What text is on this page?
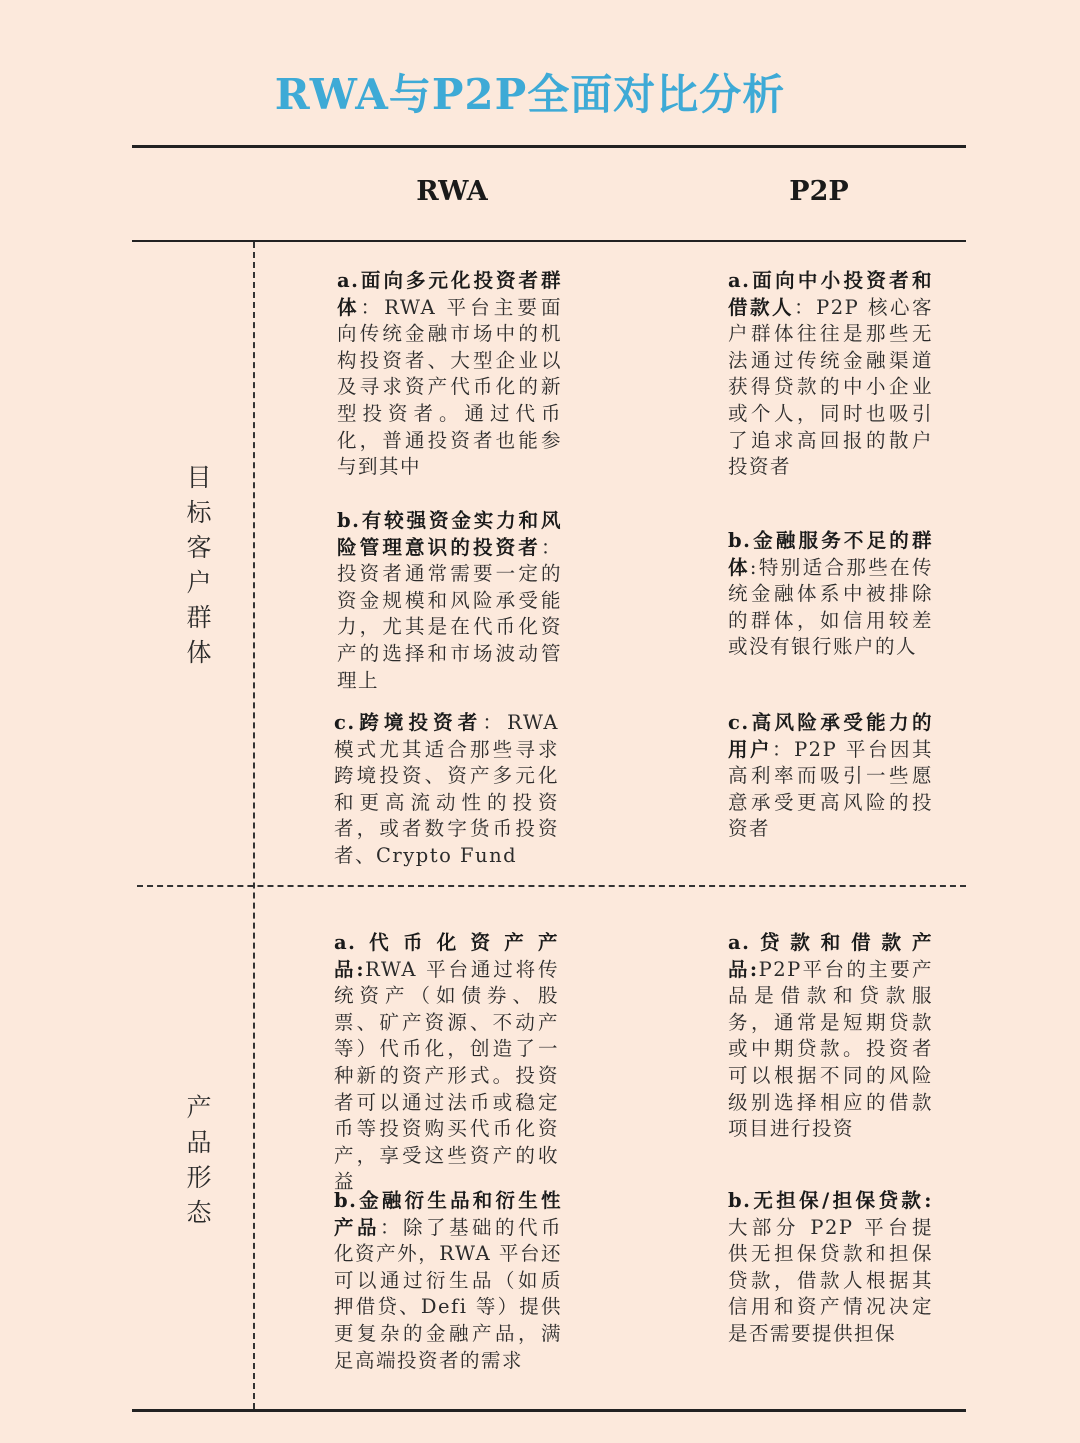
RWA与P2P全面对比分析
RWA	P2P
目
标
客
户
群
体
产
品
形
态
a.面向多元化投资者群体：RWA 平台主要面向传统金融市场中的机构投资者、大型企业以及寻求资产代币化的新型投资者。通过代币化，普通投资者也能参与到其中
b.有较强资金实力和风险管理意识的投资者：投资者通常需要一定的资金规模和风险承受能力，尤其是在代币化资产的选择和市场波动管理上
c.跨境投资者：RWA 模式尤其适合那些寻求跨境投资、资产多元化和更高流动性的投资者，或者数字货币投资者、Crypto Fund
a.面向中小投资者和借款人：P2P 核心客户群体往往是那些无法通过传统金融渠道获得贷款的中小企业或个人，同时也吸引了追求高回报的散户投资者
b.金融服务不足的群体:特别适合那些在传统金融体系中被排除的群体，如信用较差或没有银行账户的人
c.高风险承受能力的用户：P2P 平台因其高利率而吸引一些愿意承受更高风险的投资者
a.代币化资产产品:RWA 平台通过将传统资产（如债券、股票、矿产资源、不动产等）代币化，创造了一种新的资产形式。投资者可以通过法币或稳定币等投资购买代币化资产，享受这些资产的收益
b.金融衍生品和衍生性产品：除了基础的代币化资产外，RWA 平台还可以通过衍生品（如质押借贷、Defi 等）提供更复杂的金融产品，满足高端投资者的需求
a.贷款和借款产品:P2P平台的主要产品是借款和贷款服务，通常是短期贷款或中期贷款。投资者可以根据不同的风险级别选择相应的借款项目进行投资
b.无担保/担保贷款:大部分 P2P 平台提供无担保贷款和担保贷款，借款人根据其信用和资产情况决定是否需要提供担保
